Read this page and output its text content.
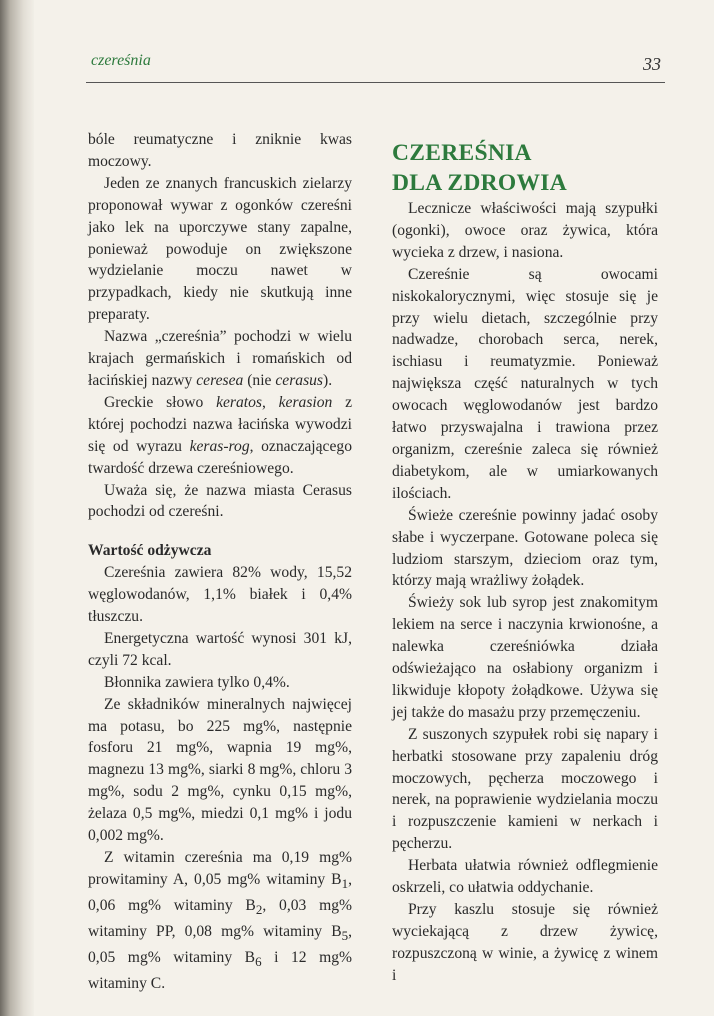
czereśnia	33

bóle reumatyczne i zniknie kwas moczowy.

Jeden ze znanych francuskich zielarzy proponował wywar z ogonków czereśni jako lek na uporczywe stany zapalne, ponieważ powoduje on zwiększone wydzielanie moczu nawet w przypadkach, kiedy nie skutkują inne preparaty.

Nazwa „czereśnia” pochodzi w wielu krajach germańskich i romańskich od łacińskiej nazwy ceresea (nie cerasus).

Greckie słowo keratos, kerasion z której pochodzi nazwa łacińska wywodzi się od wyrazu keras-rog, oznaczającego twardość drzewa czereśniowego.

Uważa się, że nazwa miasta Cerasus pochodzi od czereśni.

Wartość odżywcza

Czereśnia zawiera 82% wody, 15,52 węglowodanów, 1,1% białek i 0,4% tłuszczu.

Energetyczna wartość wynosi 301 kJ, czyli 72 kcal.

Błonnika zawiera tylko 0,4%.

Ze składników mineralnych najwięcej ma potasu, bo 225 mg%, następnie fosforu 21 mg%, wapnia 19 mg%, magnezu 13 mg%, siarki 8 mg%, chloru 3 mg%, sodu 2 mg%, cynku 0,15 mg%, żelaza 0,5 mg%, miedzi 0,1 mg% i jodu 0,002 mg%.

Z witamin czereśnia ma 0,19 mg% prowitaminy A, 0,05 mg% witaminy $B_1$, 0,06 mg% witaminy $B_2$, 0,03 mg% witaminy PP, 0,08 mg% witaminy $B_5$, 0,05 mg% witaminy $B_6$ i 12 mg% witaminy C.

CZEREŚNIA
DLA ZDROWIA

Lecznicze właściwości mają szypułki (ogonki), owoce oraz żywica, która wycieka z drzew, i nasiona.

Czereśnie są owocami niskokalorycznymi, więc stosuje się je przy wielu dietach, szczególnie przy nadwadze, chorobach serca, nerek, ischiasu i reumatyzmie. Ponieważ największa część naturalnych w tych owocach węglowodanów jest bardzo łatwo przyswajalna i trawiona przez organizm, czereśnie zaleca się również diabetykom, ale w umiarkowanych ilościach.

Świeże czereśnie powinny jadać osoby słabe i wyczerpane. Gotowane poleca się ludziom starszym, dzieciom oraz tym, którzy mają wrażliwy żołądek.

Świeży sok lub syrop jest znakomitym lekiem na serce i naczynia krwionośne, a nalewka czereśniówka działa odświeżająco na osłabiony organizm i likwiduje kłopoty żołądkowe. Używa się jej także do masażu przy przemęczeniu.

Z suszonych szypułek robi się napary i herbatki stosowane przy zapaleniu dróg moczowych, pęcherza moczowego i nerek, na poprawienie wydzielania moczu i rozpuszczenie kamieni w nerkach i pęcherzu.

Herbata ułatwia również odflegmienie oskrzeli, co ułatwia oddychanie.

Przy kaszlu stosuje się również wyciekającą z drzew żywicę, rozpuszczoną w winie, a żywicę z winem i
